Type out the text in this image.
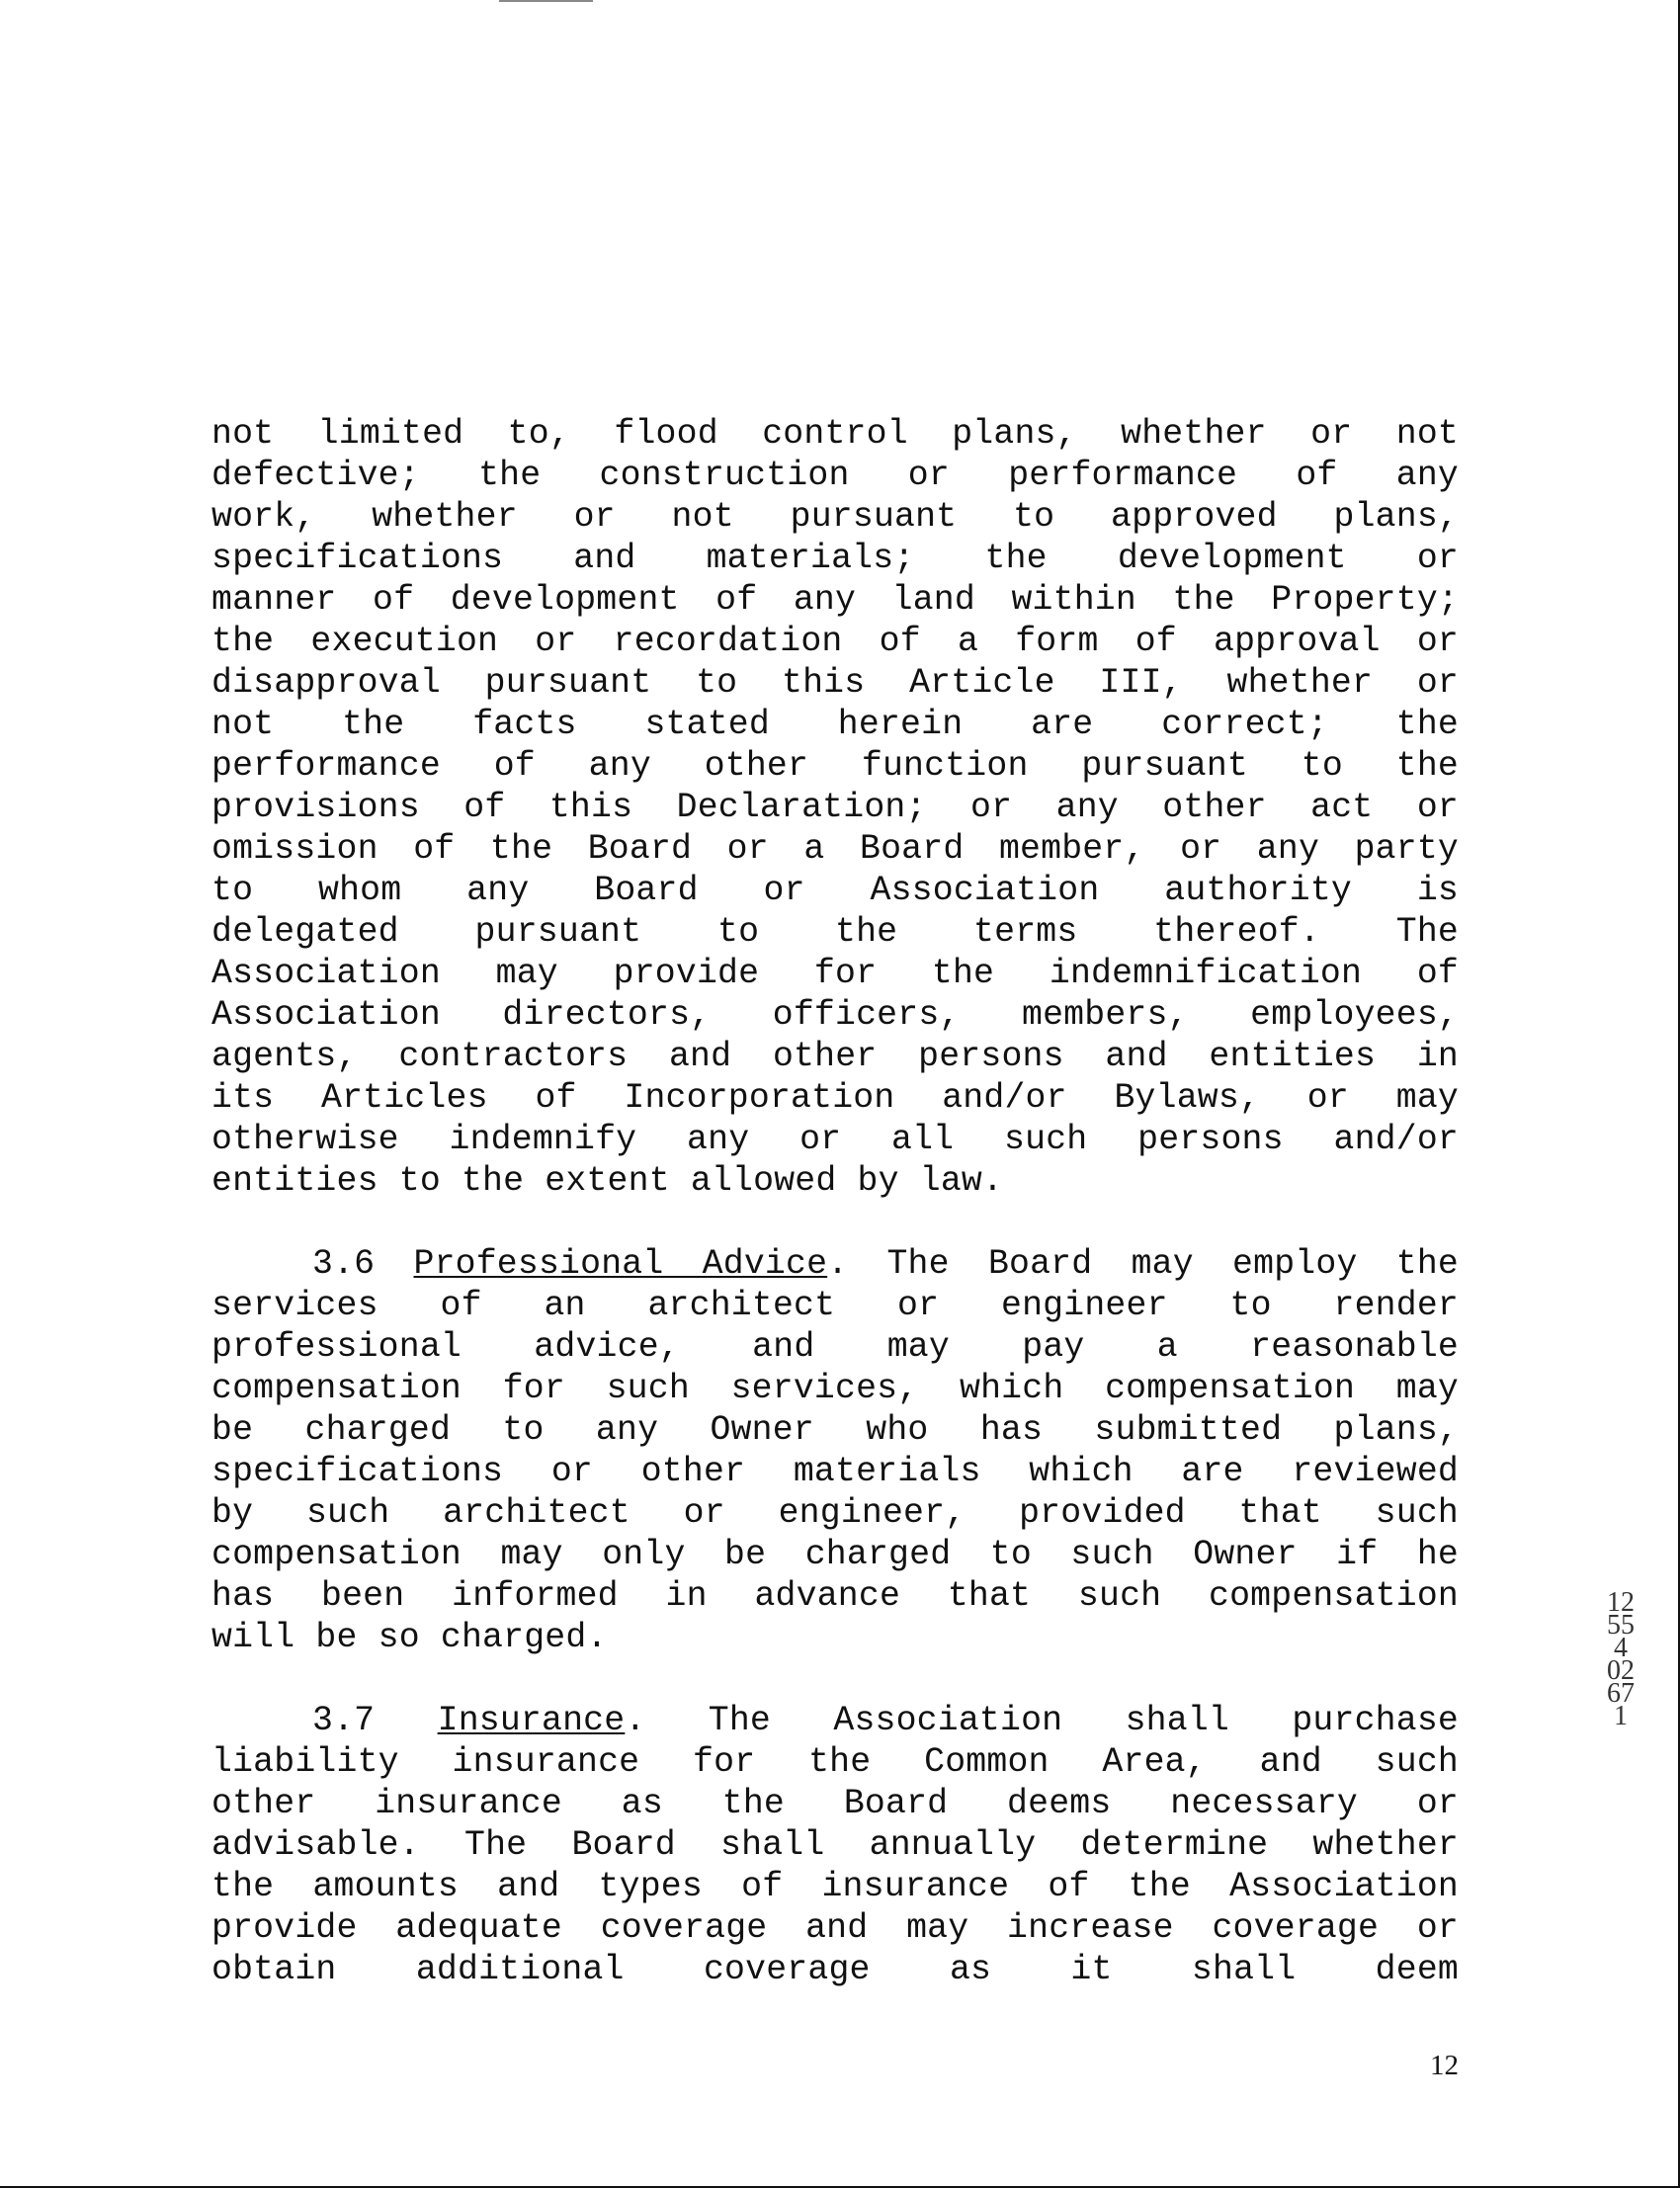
not limited to, flood control plans, whether or not

defective; the construction or performance of any

work, whether or not pursuant to approved plans,

specifications and materials; the development or

manner of development of any land within the Property;

the execution or recordation of a form of approval or

disapproval pursuant to this Article III, whether or

not the facts stated herein are correct; the

performance of any other function pursuant to the

provisions of this Declaration; or any other act or

omission of the Board or a Board member, or any party

to whom any Board or Association authority is

delegated pursuant to the terms thereof. The

Association may provide for the indemnification of

Association directors, officers, members, employees,

agents, contractors and other persons and entities in

its Articles of Incorporation and/or Bylaws, or may

otherwise indemnify any or all such persons and/or

entities to the extent allowed by law.

3.6 Professional Advice. The Board may employ the

services of an architect or engineer to render

professional advice, and may pay a reasonable

compensation for such services, which compensation may

be charged to any Owner who has submitted plans,

specifications or other materials which are reviewed

by such architect or engineer, provided that such

compensation may only be charged to such Owner if he

has been informed in advance that such compensation

will be so charged.

3.7 Insurance. The Association shall purchase

liability insurance for the Common Area, and such

other insurance as the Board deems necessary or

advisable. The Board shall annually determine whether

the amounts and types of insurance of the Association

provide adequate coverage and may increase coverage or

obtain additional coverage as it shall deem

12554 02671

12
